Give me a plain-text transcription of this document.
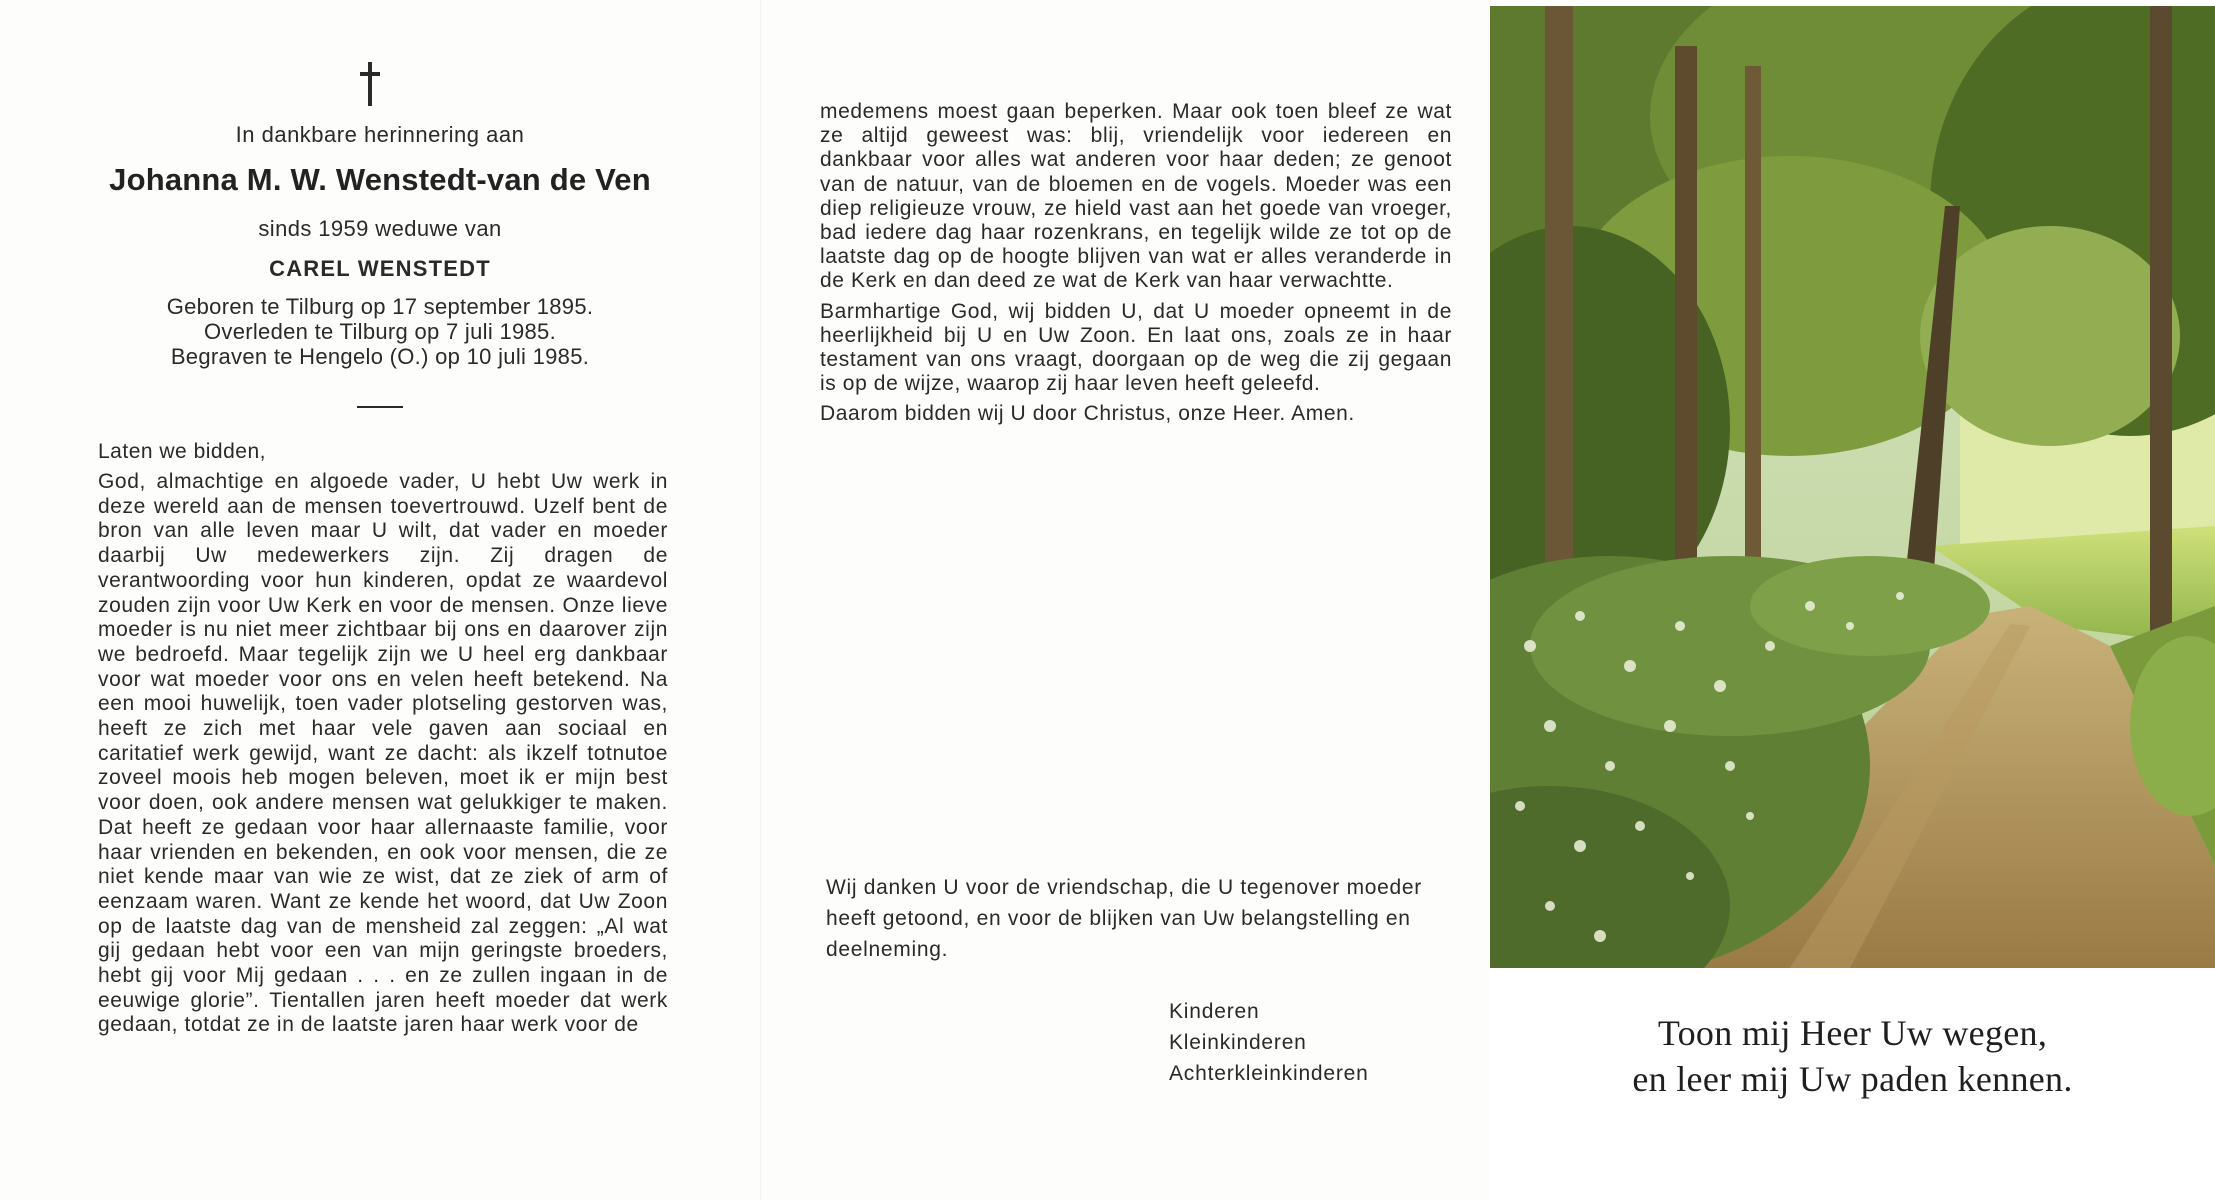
In dankbare herinnering aan
Johanna M. W. Wenstedt-van de Ven
sinds 1959 weduwe van
CAREL WENSTEDT
Geboren te Tilburg op 17 september 1895.
Overleden te Tilburg op 7 juli 1985.
Begraven te Hengelo (O.) op 10 juli 1985.
Laten we bidden,
God, almachtige en algoede vader, U hebt Uw werk in deze wereld aan de mensen toevertrouwd. Uzelf bent de bron van alle leven maar U wilt, dat vader en moeder daarbij Uw medewerkers zijn. Zij dragen de verantwoording voor hun kinderen, opdat ze waardevol zouden zijn voor Uw Kerk en voor de mensen. Onze lieve moeder is nu niet meer zichtbaar bij ons en daarover zijn we bedroefd. Maar tegelijk zijn we U heel erg dankbaar voor wat moeder voor ons en velen heeft betekend. Na een mooi huwelijk, toen vader plotseling gestorven was, heeft ze zich met haar vele gaven aan sociaal en caritatief werk gewijd, want ze dacht: als ikzelf totnutoe zoveel moois heb mogen beleven, moet ik er mijn best voor doen, ook andere mensen wat gelukkiger te maken. Dat heeft ze gedaan voor haar allernaaste familie, voor haar vrienden en bekenden, en ook voor mensen, die ze niet kende maar van wie ze wist, dat ze ziek of arm of eenzaam waren. Want ze kende het woord, dat Uw Zoon op de laatste dag van de mensheid zal zeggen: „Al wat gij gedaan hebt voor een van mijn geringste broeders, hebt gij voor Mij gedaan . . . en ze zullen ingaan in de eeuwige glorie”. Tientallen jaren heeft moeder dat werk gedaan, totdat ze in de laatste jaren haar werk voor de

medemens moest gaan beperken. Maar ook toen bleef ze wat ze altijd geweest was: blij, vriendelijk voor iedereen en dankbaar voor alles wat anderen voor haar deden; ze genoot van de natuur, van de bloemen en de vogels. Moeder was een diep religieuze vrouw, ze hield vast aan het goede van vroeger, bad iedere dag haar rozenkrans, en tegelijk wilde ze tot op de laatste dag op de hoogte blijven van wat er alles veranderde in de Kerk en dan deed ze wat de Kerk van haar verwachtte.

Barmhartige God, wij bidden U, dat U moeder opneemt in de heerlijkheid bij U en Uw Zoon. En laat ons, zoals ze in haar testament van ons vraagt, doorgaan op de weg die zij gegaan is op de wijze, waarop zij haar leven heeft geleefd.

Daarom bidden wij U door Christus, onze Heer. Amen.

Wij danken U voor de vriendschap, die U tegenover moeder heeft getoond, en voor de blijken van Uw belangstelling en deelneming.
Kinderen
Kleinkinderen
Achterkleinkinderen
Toon mij Heer Uw wegen,
en leer mij Uw paden kennen.
